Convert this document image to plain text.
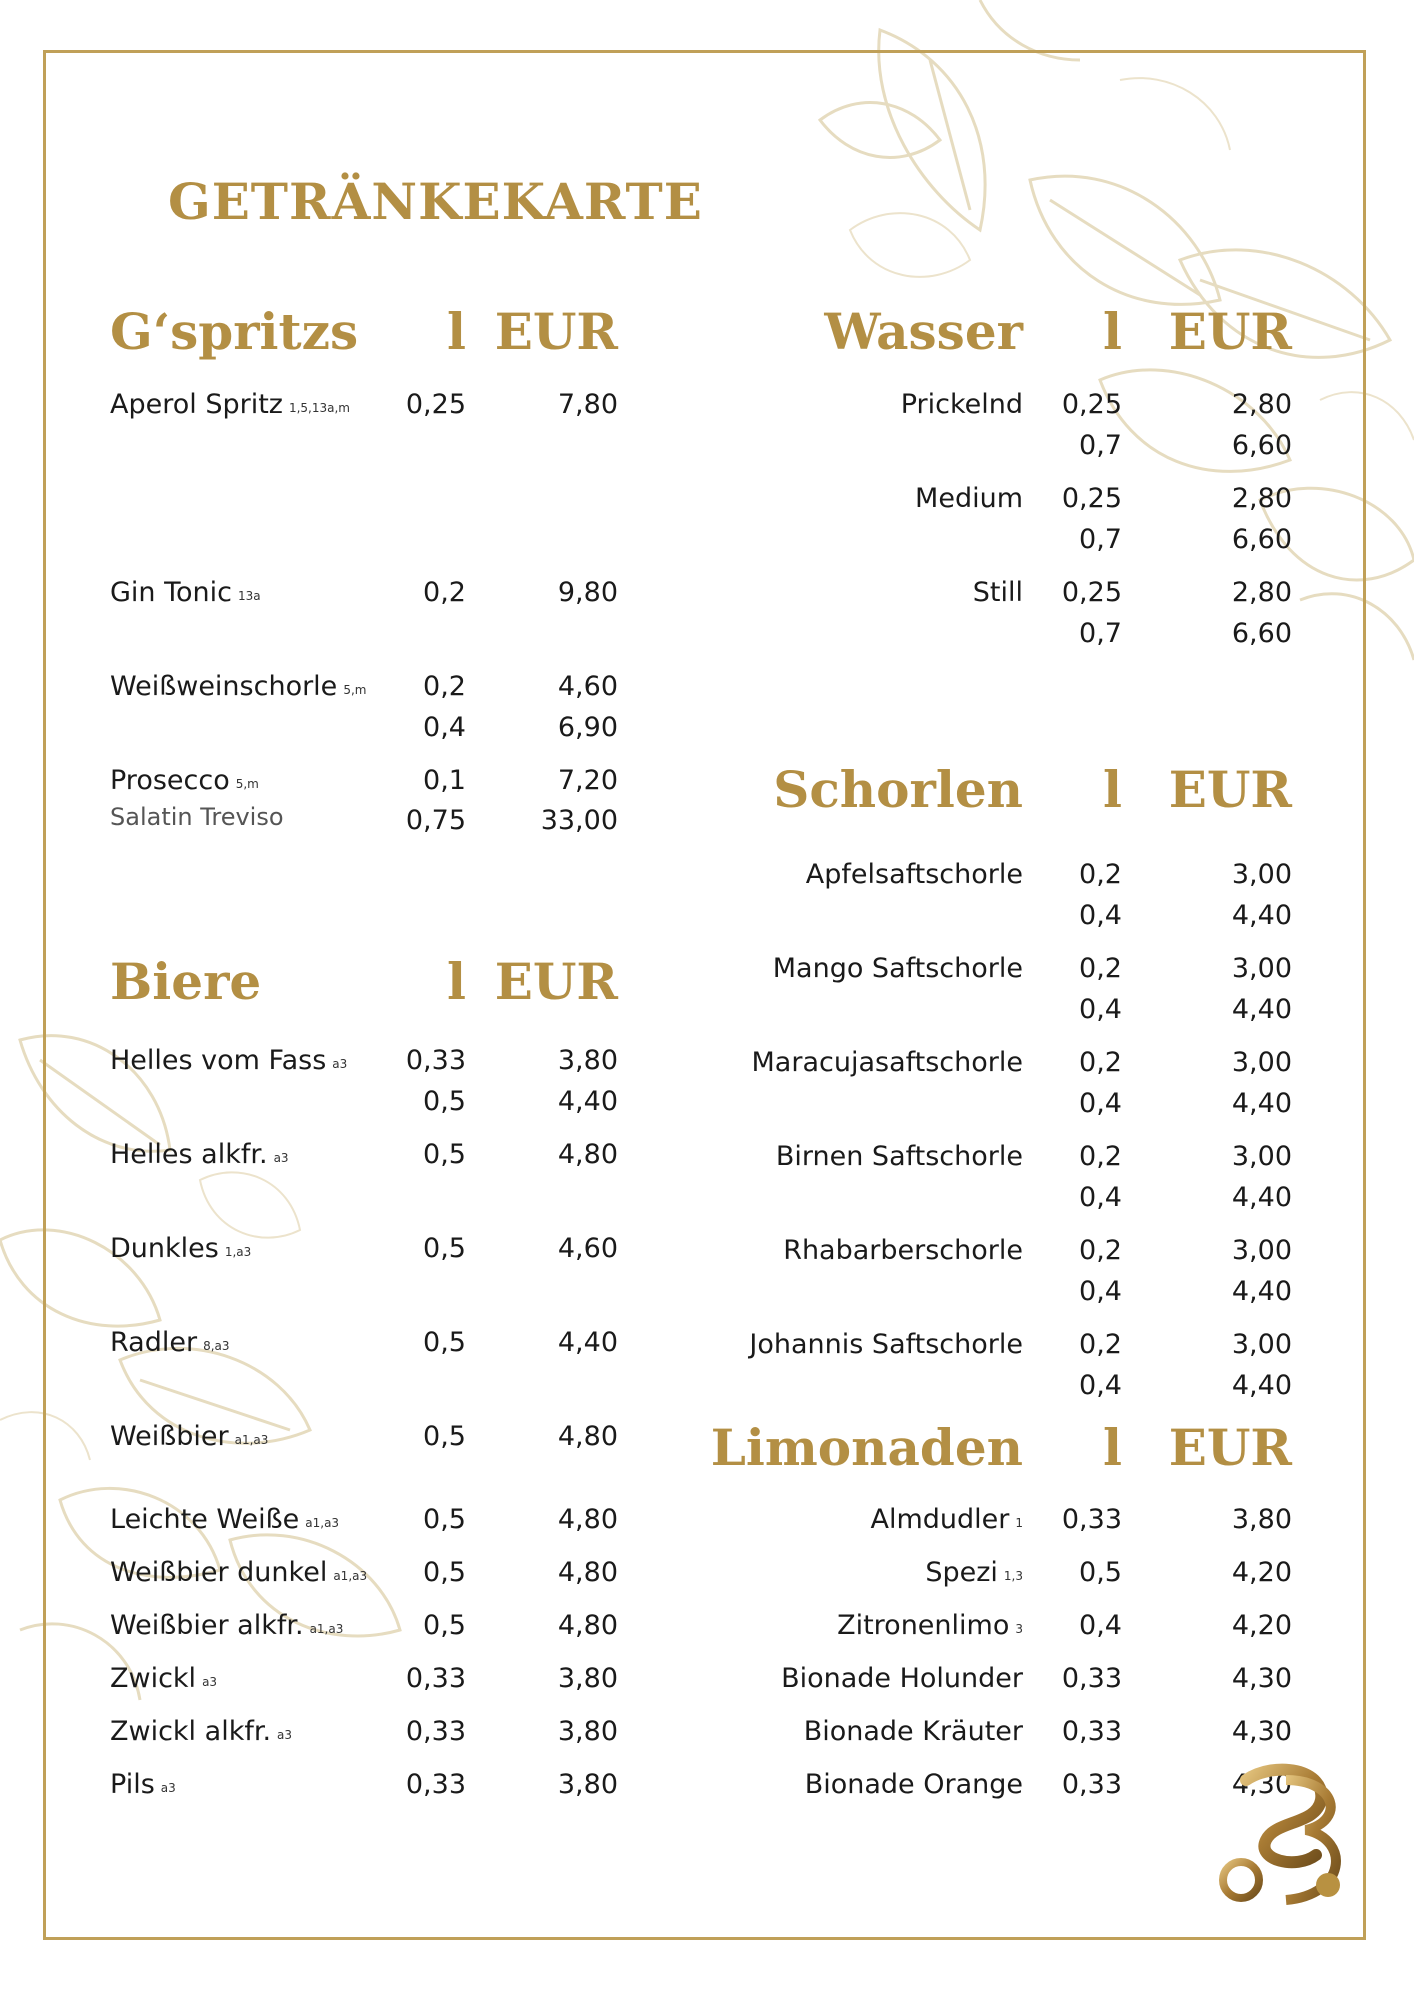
GETRÄNKEKARTE
G‘spritzs l EUR
Aperol Spritz $_{1,5,13a,m}$ 0,25	7,80
Gin Tonic $_{13a}$	0,2	9,80
Weißweinschorle $_{5,m}$ 0,2	4,60
0,4	6,90
Prosecco $_{5,m}$	0,1	7,20
Salatin Treviso	0,75	33,00
Biere	l EUR
Helles vom Fass $_{a3}$ 0,33	3,80
0,5	4,40
Helles alkfr. $_{a3}$	0,5	4,80
Dunkles $_{1,a3}$	0,5	4,60
Radler $_{8,a3}$	0,5	4,40
Weißbier $_{a1,a3}$	0,5	4,80
Leichte Weiße $_{a1,a3}$	0,5	4,80
Weißbier dunkel $_{a1,a3}$ 0,5	4,80
Weißbier alkfr. $_{a1,a3}$	0,5	4,80
Zwickl $_{a3}$	0,33	3,80
Zwickl alkfr. $_{a3}$	0,33	3,80
Pils $_{a3}$	0,33	3,80
Wasser l EUR
Prickelnd 0,25	2,80
0,7	6,60
Medium 0,25	2,80
0,7	6,60
Still 0,25	2,80
0,7	6,60
Schorlen l EUR
Apfelsaftschorle 0,2	3,00
0,4	4,40
Mango Saftschorle 0,2	3,00
0,4	4,40
Maracujasaftschorle 0,2	3,00
0,4	4,40
Birnen Saftschorle 0,2	3,00
0,4	4,40
Rhabarberschorle 0,2	3,00
0,4	4,40
Johannis Saftschorle 0,2	3,00
0,4	4,40
Limonaden l EUR
Almdudler $_1$ 0,33	3,80
Spezi $_{1,3}$ 0,5	4,20
Zitronenlimo $_3$ 0,4	4,20
Bionade Holunder 0,33	4,30
Bionade Kräuter 0,33	4,30
Bionade Orange 0,33	4,30
SB
